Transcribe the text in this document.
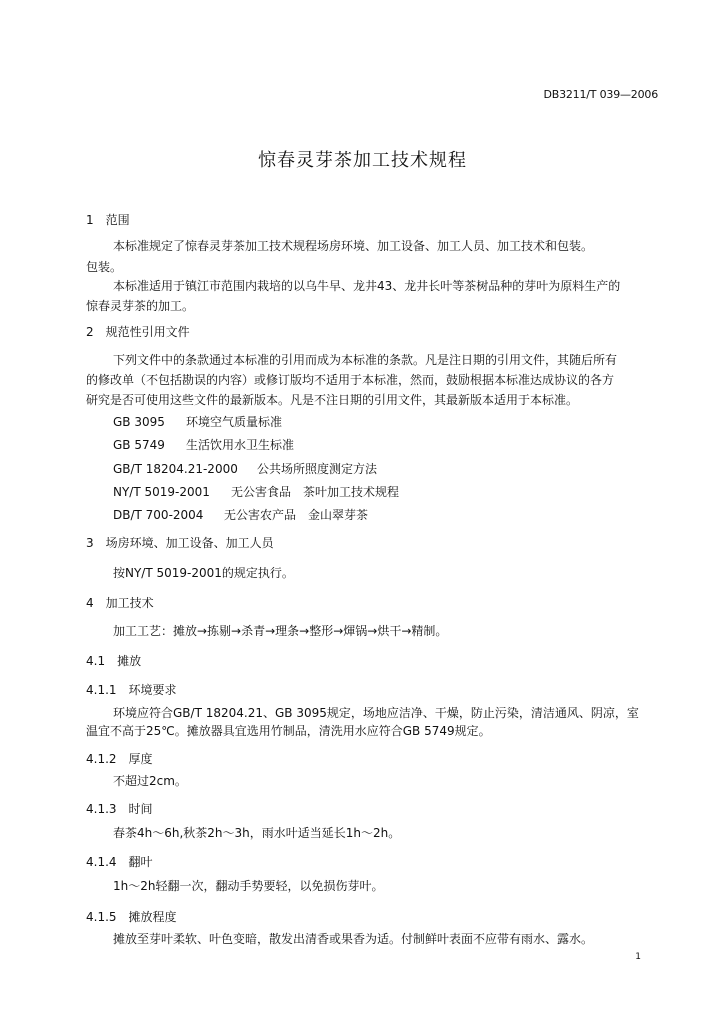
DB3211/T 039—2006
惊春灵芽茶加工技术规程
1　范围
本标准规定了惊春灵芽茶加工技术规程场房环境、加工设备、加工人员、加工技术和包装。
包装。
本标准适用于镇江市范围内栽培的以乌牛早、龙井43、龙井长叶等茶树品种的芽叶为原料生产的
惊春灵芽茶的加工。
2　规范性引用文件
下列文件中的条款通过本标准的引用而成为本标准的条款。凡是注日期的引用文件，其随后所有
的修改单（不包括勘误的内容）或修订版均不适用于本标准，然而，鼓励根据本标准达成协议的各方
研究是否可使用这些文件的最新版本。凡是不注日期的引用文件，其最新版本适用于本标准。
GB 3095 环境空气质量标准
GB 5749 生活饮用水卫生标准
GB/T 18204.21-2000 公共场所照度测定方法
NY/T 5019-2001 无公害食品　茶叶加工技术规程
DB/T 700-2004 无公害农产品　金山翠芽茶
3　场房环境、加工设备、加工人员
按NY/T 5019-2001的规定执行。
4　加工技术
加工工艺：摊放→拣剔→杀青→理条→整形→煇锅→烘干→精制。
4.1　摊放
4.1.1　环境要求
环境应符合GB/T 18204.21、GB 3095规定，场地应洁净、干燥，防止污染，清洁通风、阴凉，室
温宜不高于25℃。摊放器具宜选用竹制品，清洗用水应符合GB 5749规定。
4.1.2　厚度
不超过2cm。
4.1.3　时间
春茶4h～6h,秋茶2h～3h，雨水叶适当延长1h～2h。
4.1.4　翻叶
1h～2h轻翻一次，翻动手势要轻，以免损伤芽叶。
4.1.5　摊放程度
摊放至芽叶柔软、叶色变暗，散发出清香或果香为适。付制鲜叶表面不应带有雨水、露水。
1
